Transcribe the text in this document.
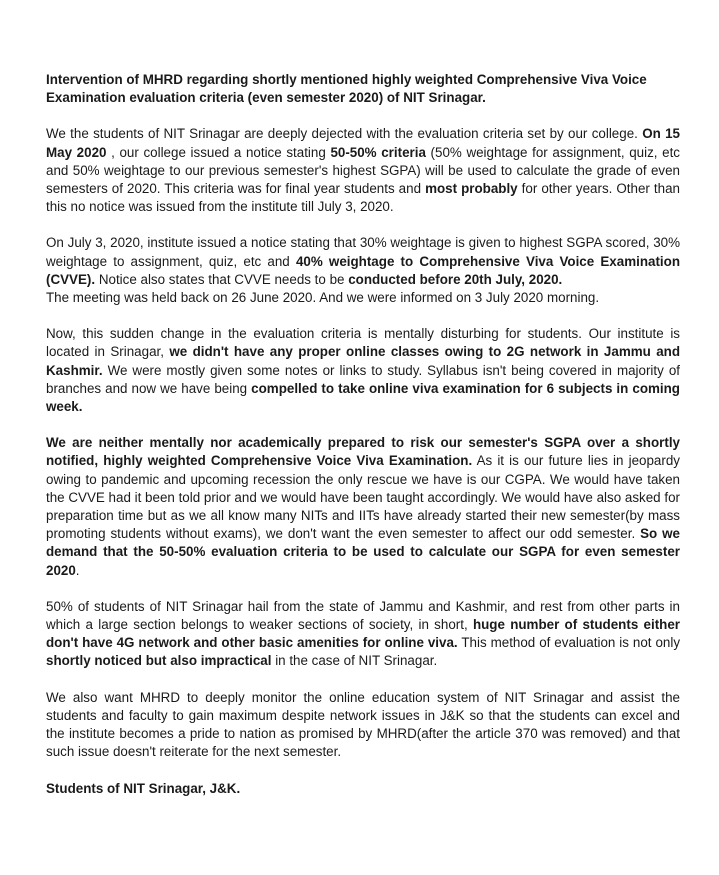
Intervention of MHRD regarding shortly mentioned highly weighted Comprehensive Viva Voice Examination evaluation criteria (even semester 2020) of NIT Srinagar.

We the students of NIT Srinagar are deeply dejected with the evaluation criteria set by our college. On 15 May 2020 , our college issued a notice stating 50-50% criteria (50% weightage for assignment, quiz, etc and 50% weightage to our previous semester's highest SGPA) will be used to calculate the grade of even semesters of 2020. This criteria was for final year students and most probably for other years. Other than this no notice was issued from the institute till July 3, 2020.

On July 3, 2020, institute issued a notice stating that 30% weightage is given to highest SGPA scored, 30% weightage to assignment, quiz, etc and 40% weightage to Comprehensive Viva Voice Examination (CVVE). Notice also states that CVVE needs to be conducted before 20th July, 2020.
The meeting was held back on 26 June 2020. And we were informed on 3 July 2020 morning.

Now, this sudden change in the evaluation criteria is mentally disturbing for students. Our institute is located in Srinagar, we didn't have any proper online classes owing to 2G network in Jammu and Kashmir. We were mostly given some notes or links to study. Syllabus isn't being covered in majority of branches and now we have being compelled to take online viva examination for 6 subjects in coming week.

We are neither mentally nor academically prepared to risk our semester's SGPA over a shortly notified, highly weighted Comprehensive Voice Viva Examination. As it is our future lies in jeopardy owing to pandemic and upcoming recession the only rescue we have is our CGPA. We would have taken the CVVE had it been told prior and we would have been taught accordingly. We would have also asked for preparation time but as we all know many NITs and IITs have already started their new semester(by mass promoting students without exams), we don't want the even semester to affect our odd semester. So we demand that the 50-50% evaluation criteria to be used to calculate our SGPA for even semester 2020.

50% of students of NIT Srinagar hail from the state of Jammu and Kashmir, and rest from other parts in which a large section belongs to weaker sections of society, in short, huge number of students either don't have 4G network and other basic amenities for online viva. This method of evaluation is not only shortly noticed but also impractical in the case of NIT Srinagar.

We also want MHRD to deeply monitor the online education system of NIT Srinagar and assist the students and faculty to gain maximum despite network issues in J&K so that the students can excel and the institute becomes a pride to nation as promised by MHRD(after the article 370 was removed) and that such issue doesn't reiterate for the next semester.

Students of NIT Srinagar, J&K.
